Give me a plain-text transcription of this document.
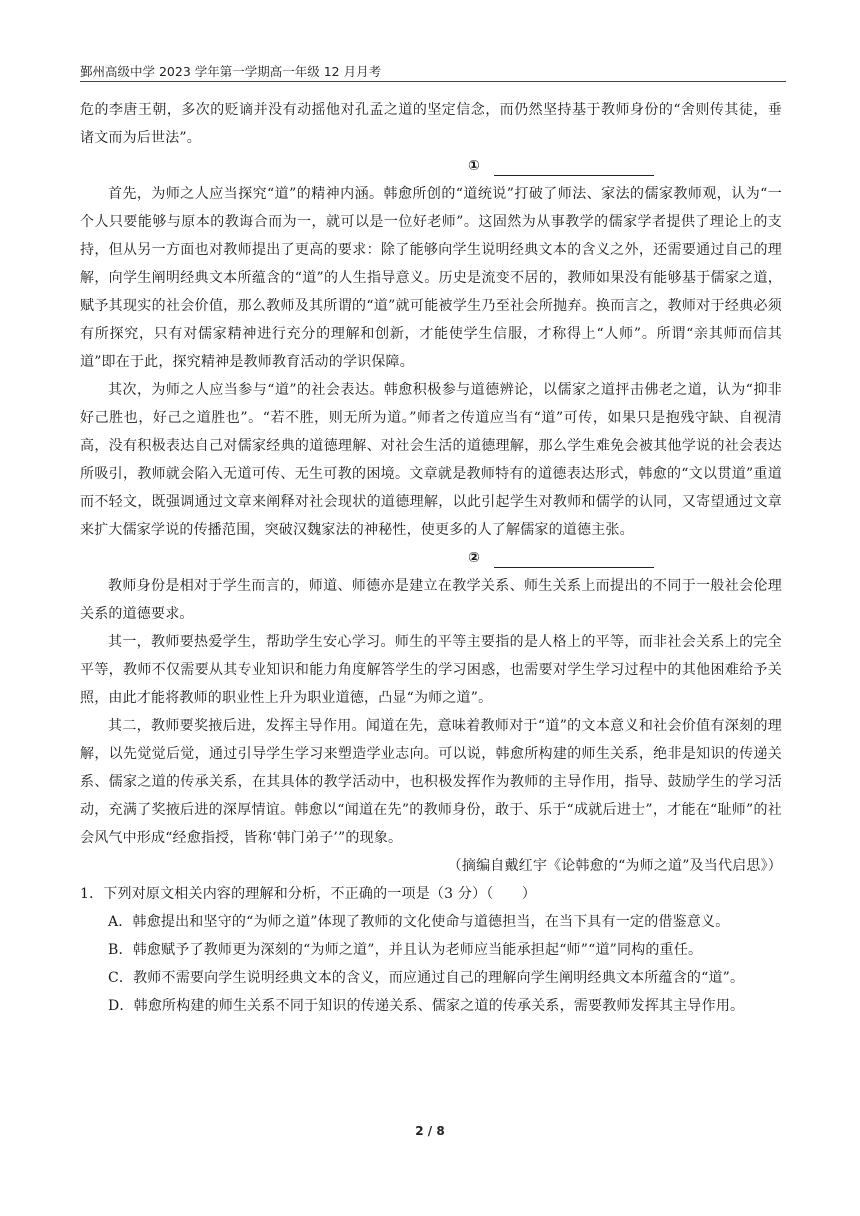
鄞州高级中学 2023 学年第一学期高一年级 12 月月考

危的李唐王朝，多次的贬谪并没有动摇他对孔孟之道的坚定信念，而仍然坚持基于教师身份的“舍则传其徒，垂诸文而为后世法”。

①

首先，为师之人应当探究“道”的精神内涵。韩愈所创的“道统说”打破了师法、家法的儒家教师观，认为“一个人只要能够与原本的教诲合而为一，就可以是一位好老师”。这固然为从事教学的儒家学者提供了理论上的支持，但从另一方面也对教师提出了更高的要求：除了能够向学生说明经典文本的含义之外，还需要通过自己的理解，向学生阐明经典文本所蕴含的“道”的人生指导意义。历史是流变不居的，教师如果没有能够基于儒家之道，赋予其现实的社会价值，那么教师及其所谓的“道”就可能被学生乃至社会所抛弃。换而言之，教师对于经典必须有所探究，只有对儒家精神进行充分的理解和创新，才能使学生信服，才称得上“人师”。所谓“亲其师而信其道”即在于此，探究精神是教师教育活动的学识保障。

其次，为师之人应当参与“道”的社会表达。韩愈积极参与道德辨论，以儒家之道抨击佛老之道，认为“抑非好己胜也，好己之道胜也”。“若不胜，则无所为道。”师者之传道应当有“道”可传，如果只是抱残守缺、自视清高，没有积极表达自己对儒家经典的道德理解、对社会生活的道德理解，那么学生难免会被其他学说的社会表达所吸引，教师就会陷入无道可传、无生可教的困境。文章就是教师特有的道德表达形式，韩愈的“文以贯道”重道而不轻文，既强调通过文章来阐释对社会现状的道德理解，以此引起学生对教师和儒学的认同，又寄望通过文章来扩大儒家学说的传播范围，突破汉魏家法的神秘性，使更多的人了解儒家的道德主张。

②

教师身份是相对于学生而言的，师道、师德亦是建立在教学关系、师生关系上而提出的不同于一般社会伦理关系的道德要求。

其一，教师要热爱学生，帮助学生安心学习。师生的平等主要指的是人格上的平等，而非社会关系上的完全平等，教师不仅需要从其专业知识和能力角度解答学生的学习困惑，也需要对学生学习过程中的其他困难给予关照，由此才能将教师的职业性上升为职业道德，凸显“为师之道”。

其二，教师要奖掖后进，发挥主导作用。闻道在先，意味着教师对于“道”的文本意义和社会价值有深刻的理解，以先觉觉后觉，通过引导学生学习来塑造学业志向。可以说，韩愈所构建的师生关系，绝非是知识的传递关系、儒家之道的传承关系，在其具体的教学活动中，也积极发挥作为教师的主导作用，指导、鼓励学生的学习活动，充满了奖掖后进的深厚情谊。韩愈以“闻道在先”的教师身份，敢于、乐于“成就后进士”，才能在“耻师”的社会风气中形成“经愈指授，皆称‘韩门弟子’”的现象。

（摘编自戴红宇《论韩愈的“为师之道”及当代启思》）

1．下列对原文相关内容的理解和分析，不正确的一项是（3 分）（　　）

A．韩愈提出和坚守的“为师之道”体现了教师的文化使命与道德担当，在当下具有一定的借鉴意义。

B．韩愈赋予了教师更为深刻的“为师之道”，并且认为老师应当能承担起“师”“道”同构的重任。

C．教师不需要向学生说明经典文本的含义，而应通过自己的理解向学生阐明经典文本所蕴含的“道”。

D．韩愈所构建的师生关系不同于知识的传递关系、儒家之道的传承关系，需要教师发挥其主导作用。

2 / 8
